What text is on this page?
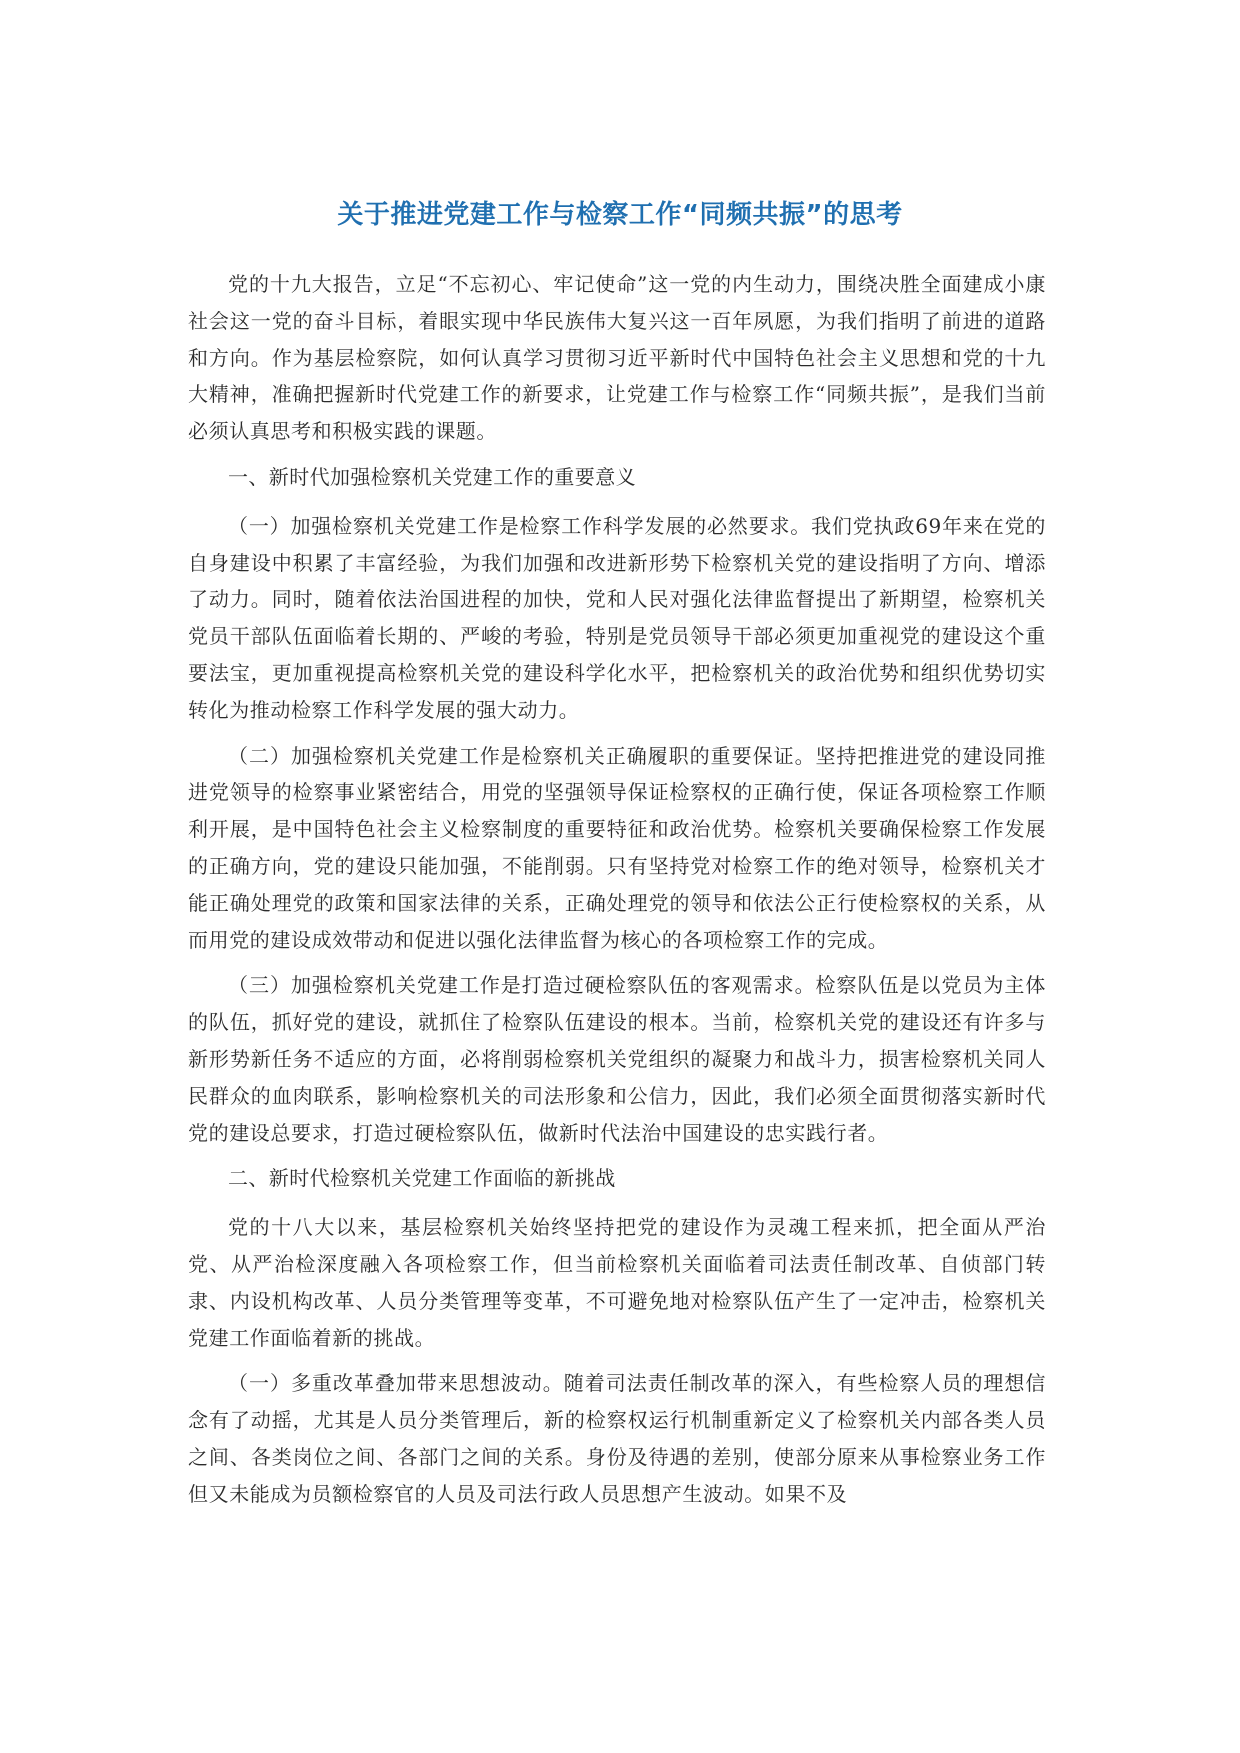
关于推进党建工作与检察工作“同频共振”的思考

党的十九大报告，立足“不忘初心、牢记使命”这一党的内生动力，围绕决胜全面建成小康社会这一党的奋斗目标，着眼实现中华民族伟大复兴这一百年夙愿，为我们指明了前进的道路和方向。作为基层检察院，如何认真学习贯彻习近平新时代中国特色社会主义思想和党的十九大精神，准确把握新时代党建工作的新要求，让党建工作与检察工作“同频共振”，是我们当前必须认真思考和积极实践的课题。

一、新时代加强检察机关党建工作的重要意义

（一）加强检察机关党建工作是检察工作科学发展的必然要求。我们党执政69年来在党的自身建设中积累了丰富经验，为我们加强和改进新形势下检察机关党的建设指明了方向、增添了动力。同时，随着依法治国进程的加快，党和人民对强化法律监督提出了新期望，检察机关党员干部队伍面临着长期的、严峻的考验，特别是党员领导干部必须更加重视党的建设这个重要法宝，更加重视提高检察机关党的建设科学化水平，把检察机关的政治优势和组织优势切实转化为推动检察工作科学发展的强大动力。

（二）加强检察机关党建工作是检察机关正确履职的重要保证。坚持把推进党的建设同推进党领导的检察事业紧密结合，用党的坚强领导保证检察权的正确行使，保证各项检察工作顺利开展，是中国特色社会主义检察制度的重要特征和政治优势。检察机关要确保检察工作发展的正确方向，党的建设只能加强，不能削弱。只有坚持党对检察工作的绝对领导，检察机关才能正确处理党的政策和国家法律的关系，正确处理党的领导和依法公正行使检察权的关系，从而用党的建设成效带动和促进以强化法律监督为核心的各项检察工作的完成。

（三）加强检察机关党建工作是打造过硬检察队伍的客观需求。检察队伍是以党员为主体的队伍，抓好党的建设，就抓住了检察队伍建设的根本。当前，检察机关党的建设还有许多与新形势新任务不适应的方面，必将削弱检察机关党组织的凝聚力和战斗力，损害检察机关同人民群众的血肉联系，影响检察机关的司法形象和公信力，因此，我们必须全面贯彻落实新时代党的建设总要求，打造过硬检察队伍，做新时代法治中国建设的忠实践行者。

二、新时代检察机关党建工作面临的新挑战

党的十八大以来，基层检察机关始终坚持把党的建设作为灵魂工程来抓，把全面从严治党、从严治检深度融入各项检察工作，但当前检察机关面临着司法责任制改革、自侦部门转隶、内设机构改革、人员分类管理等变革，不可避免地对检察队伍产生了一定冲击，检察机关党建工作面临着新的挑战。

（一）多重改革叠加带来思想波动。随着司法责任制改革的深入，有些检察人员的理想信念有了动摇，尤其是人员分类管理后，新的检察权运行机制重新定义了检察机关内部各类人员之间、各类岗位之间、各部门之间的关系。身份及待遇的差别，使部分原来从事检察业务工作但又未能成为员额检察官的人员及司法行政人员思想产生波动。如果不及
